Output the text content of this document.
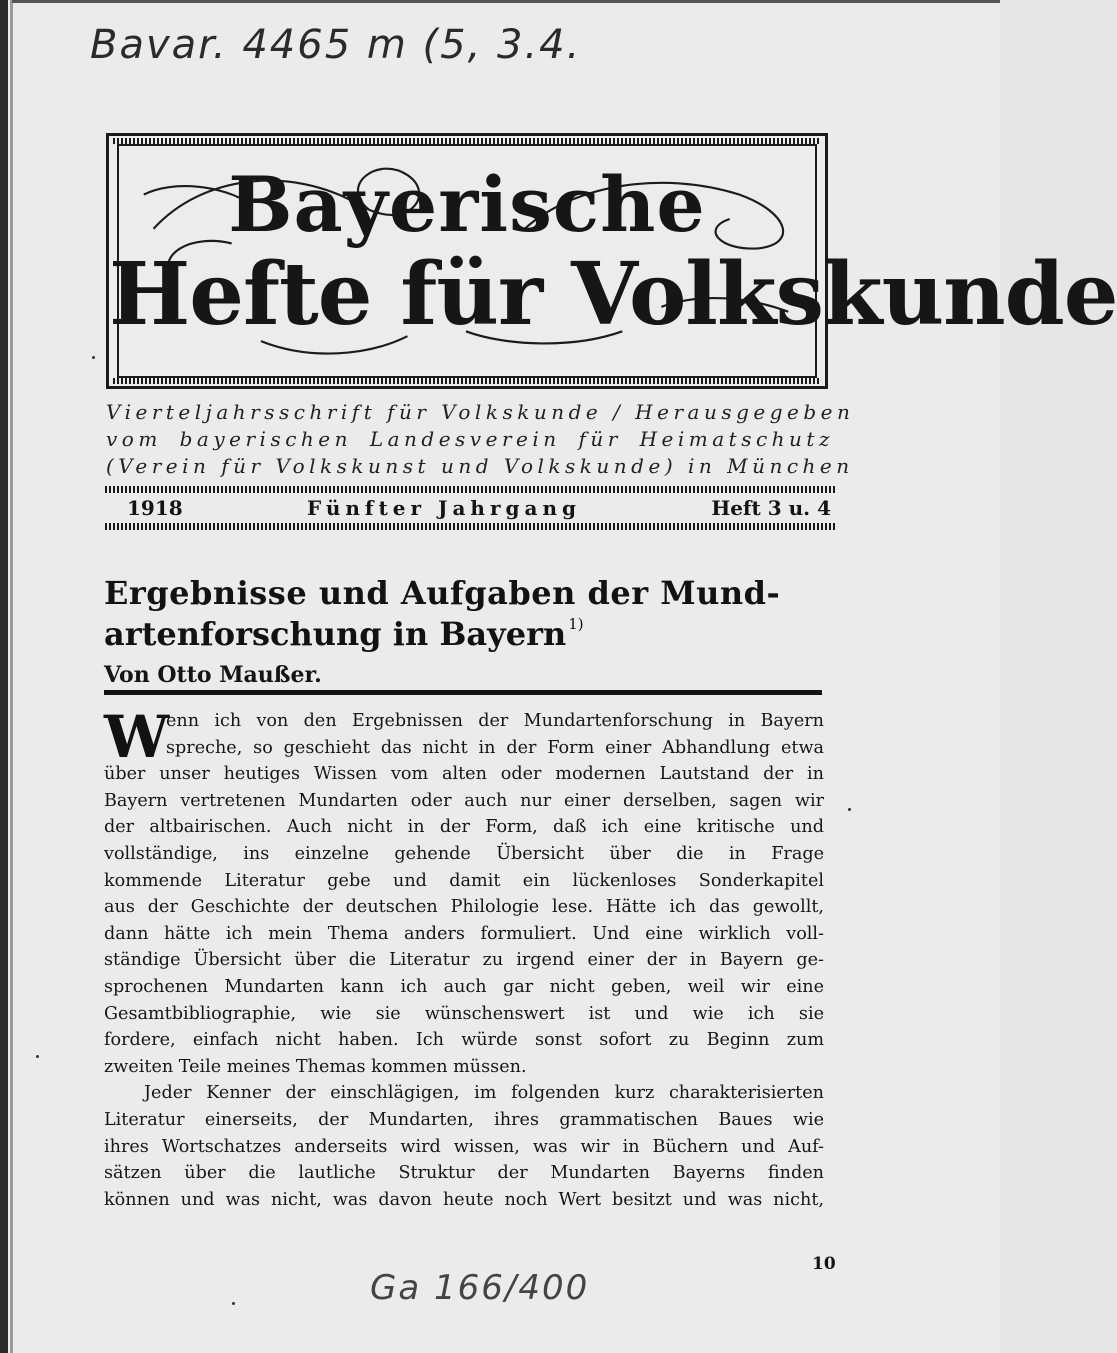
Bavar. 4465 m (5, 3.4.
Bayerische
Hefte für Volkskunde
Vierteljahrsschrift für Volkskunde / Herausgegeben
vom bayerischen Landesverein für Heimatschutz
(Verein für Volkskunst und Volkskunde) in München
1918	Fünfter Jahrgang	Heft 3 u. 4
Ergebnisse und Aufgaben der Mund-
artenforschung in Bayern $^{1)}$
Von Otto Maußer.
W
enn ich von den Ergebnissen der Mundartenforschung in Bayern
spreche, so geschieht das nicht in der Form einer Abhandlung etwa
über unser heutiges Wissen vom alten oder modernen Lautstand der in
Bayern vertretenen Mundarten oder auch nur einer derselben, sagen wir
der altbairischen. Auch nicht in der Form, daß ich eine kritische und
vollständige, ins einzelne gehende Übersicht über die in Frage
kommende Literatur gebe und damit ein lückenloses Sonderkapitel
aus der Geschichte der deutschen Philologie lese. Hätte ich das gewollt,
dann hätte ich mein Thema anders formuliert. Und eine wirklich voll-
ständige Übersicht über die Literatur zu irgend einer der in Bayern ge-
sprochenen Mundarten kann ich auch gar nicht geben, weil wir eine
Gesamtbibliographie, wie sie wünschenswert ist und wie ich sie
fordere, einfach nicht haben. Ich würde sonst sofort zu Beginn zum
zweiten Teile meines Themas kommen müssen.
Jeder Kenner der einschlägigen, im folgenden kurz charakterisierten
Literatur einerseits, der Mundarten, ihres grammatischen Baues wie
ihres Wortschatzes anderseits wird wissen, was wir in Büchern und Auf-
sätzen über die lautliche Struktur der Mundarten Bayerns finden
können und was nicht, was davon heute noch Wert besitzt und was nicht,
10
Ga 166/400
